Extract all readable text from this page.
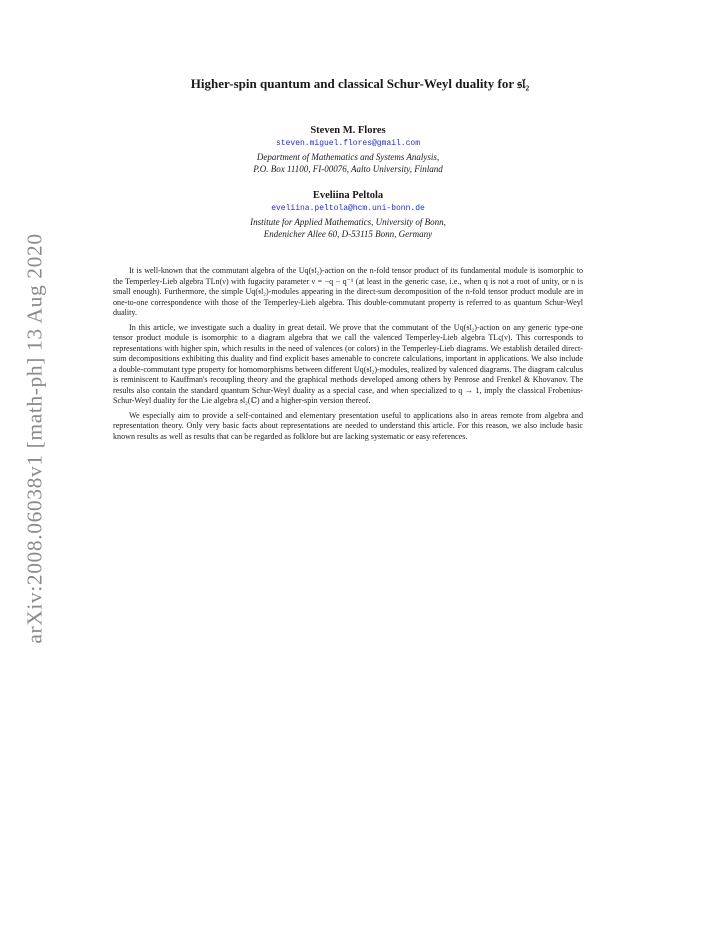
arXiv:2008.06038v1 [math-ph] 13 Aug 2020
Higher-spin quantum and classical Schur-Weyl duality for 𝔰𝔩₂
Steven M. Flores
steven.miguel.flores@gmail.com
Department of Mathematics and Systems Analysis,
P.O. Box 11100, FI-00076, Aalto University, Finland
Eveliina Peltola
eveliina.peltola@hcm.uni-bonn.de
Institute for Applied Mathematics, University of Bonn,
Endenicher Allee 60, D-53115 Bonn, Germany

It is well-known that the commutant algebra of the Uq(𝔰𝔩₂)-action on the n-fold tensor product of its fundamental module is isomorphic to the Temperley-Lieb algebra TLn(ν) with fugacity parameter ν = −q − q⁻¹ (at least in the generic case, i.e., when q is not a root of unity, or n is small enough). Furthermore, the simple Uq(𝔰𝔩₂)-modules appearing in the direct-sum decomposition of the n-fold tensor product module are in one-to-one correspondence with those of the Temperley-Lieb algebra. This double-commutant property is referred to as quantum Schur-Weyl duality.

In this article, we investigate such a duality in great detail. We prove that the commutant of the Uq(𝔰𝔩₂)-action on any generic type-one tensor product module is isomorphic to a diagram algebra that we call the valenced Temperley-Lieb algebra TLς(ν). This corresponds to representations with higher spin, which results in the need of valences (or colors) in the Temperley-Lieb diagrams. We establish detailed direct-sum decompositions exhibiting this duality and find explicit bases amenable to concrete calculations, important in applications. We also include a double-commutant type property for homomorphisms between different Uq(𝔰𝔩₂)-modules, realized by valenced diagrams. The diagram calculus is reminiscent to Kauffman's recoupling theory and the graphical methods developed among others by Penrose and Frenkel & Khovanov. The results also contain the standard quantum Schur-Weyl duality as a special case, and when specialized to q → 1, imply the classical Frobenius-Schur-Weyl duality for the Lie algebra 𝔰𝔩₂(ℂ) and a higher-spin version thereof.

We especially aim to provide a self-contained and elementary presentation useful to applications also in areas remote from algebra and representation theory. Only very basic facts about representations are needed to understand this article. For this reason, we also include basic known results as well as results that can be regarded as folklore but are lacking systematic or easy references.
